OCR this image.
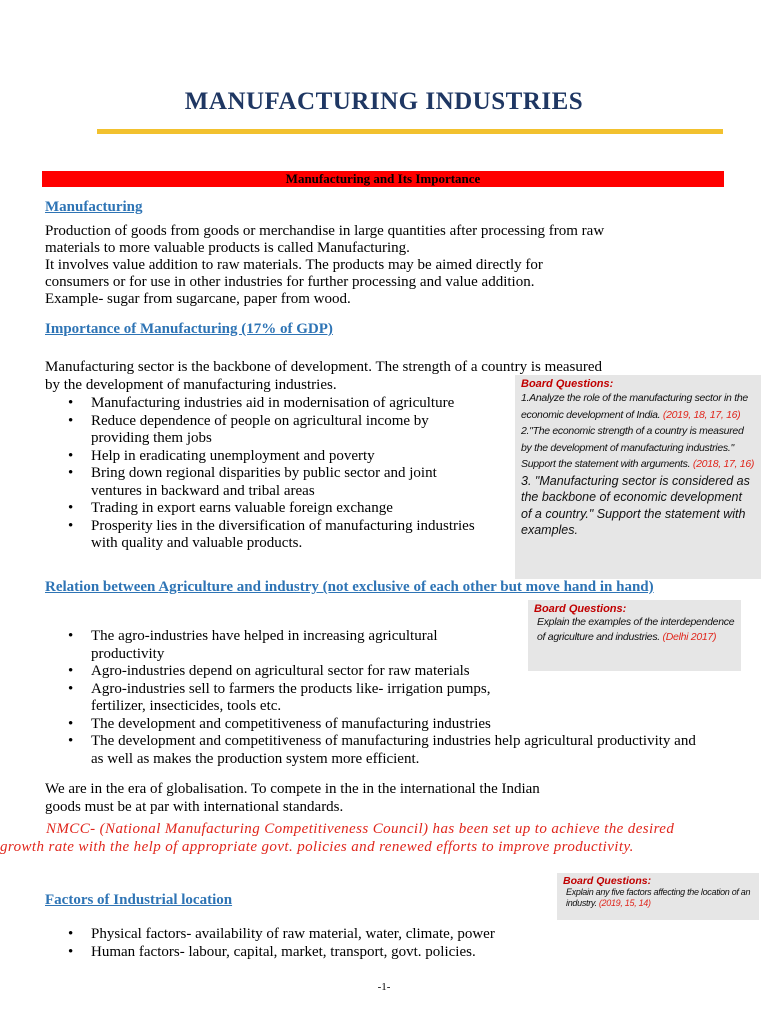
MANUFACTURING INDUSTRIES
Manufacturing and Its Importance
Manufacturing
Production of goods from goods or merchandise in large quantities after processing from raw
materials to more valuable products is called Manufacturing.
It involves value addition to raw materials. The products may be aimed directly for
consumers or for use in other industries for further processing and value addition.
Example- sugar from sugarcane, paper from wood.
Importance of Manufacturing (17% of GDP)
Manufacturing sector is the backbone of development. The strength of a country is measured
by the development of manufacturing industries.
• Manufacturing industries aid in modernisation of agriculture
• Reduce dependence of people on agricultural income by providing them jobs
• Help in eradicating unemployment and poverty
• Bring down regional disparities by public sector and joint ventures in backward and tribal areas
• Trading in export earns valuable foreign exchange
• Prosperity lies in the diversification of manufacturing industries with quality and valuable products.
Board Questions:
1.Analyze the role of the manufacturing sector in the economic development of India. (2019, 18, 17, 16)
2."The economic strength of a country is measured by the development of manufacturing industries." Support the statement with arguments. (2018, 17, 16)
3. "Manufacturing sector is considered as the backbone of economic development of a country." Support the statement with examples.
Relation between Agriculture and industry (not exclusive of each other but move hand in hand)
• The agro-industries have helped in increasing agricultural productivity
• Agro-industries depend on agricultural sector for raw materials
• Agro-industries sell to farmers the products like- irrigation pumps, fertilizer, insecticides, tools etc.
• The development and competitiveness of manufacturing industries
• The development and competitiveness of manufacturing industries help agricultural productivity and as well as makes the production system more efficient.
Board Questions:
Explain the examples of the interdependence of agriculture and industries. (Delhi 2017)
We are in the era of globalisation. To compete in the in the international the Indian
goods must be at par with international standards.
NMCC- (National Manufacturing Competitiveness Council) has been set up to achieve the desired growth rate with the help of appropriate govt. policies and renewed efforts to improve productivity.
Board Questions:
Explain any five factors affecting the location of an industry. (2019, 15, 14)
Factors of Industrial location
• Physical factors- availability of raw material, water, climate, power
• Human factors- labour, capital, market, transport, govt. policies.
-1-
